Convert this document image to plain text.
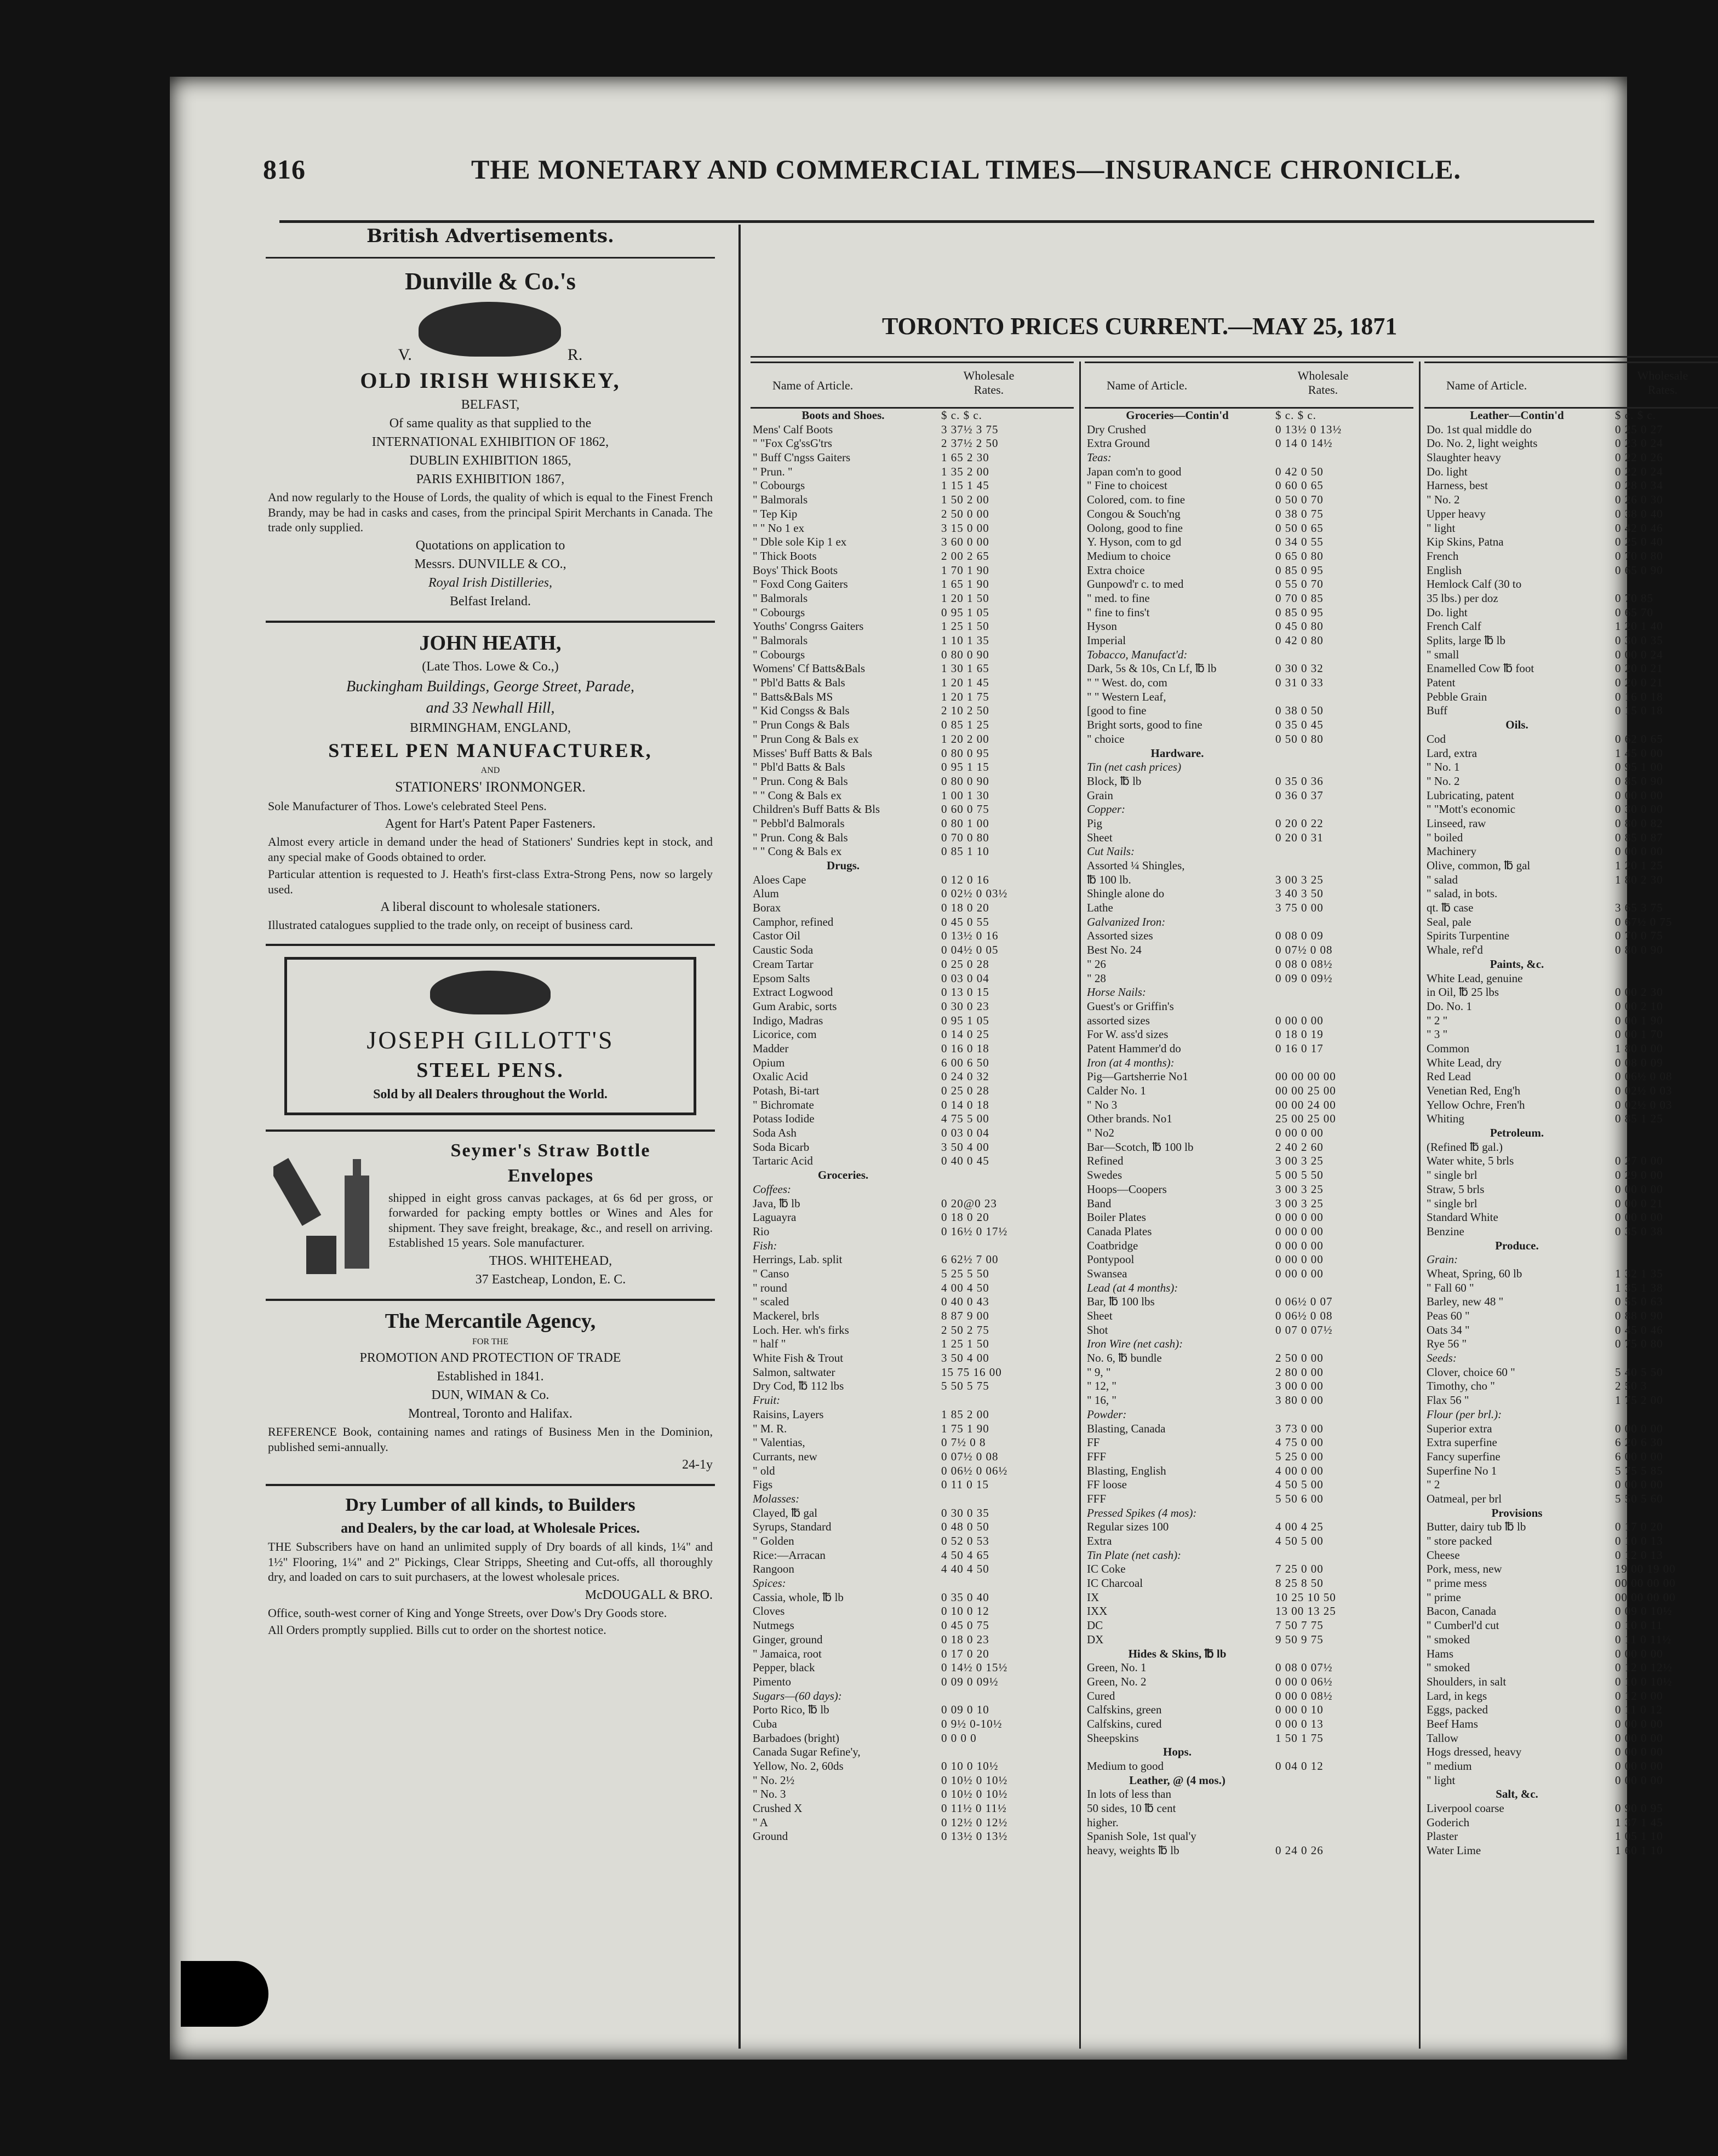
816	THE MONETARY AND COMMERCIAL TIMES—INSURANCE CHRONICLE.
British Advertisements.

Dunville & Co.'s

V.	R.

OLD IRISH WHISKEY,

BELFAST,

Of same quality as that supplied to the

INTERNATIONAL EXHIBITION OF 1862,

DUBLIN EXHIBITION 1865,

PARIS EXHIBITION 1867,

And now regularly to the House of Lords, the quality of which is equal to the Finest French Brandy, may be had in casks and cases, from the principal Spirit Merchants in Canada. The trade only supplied.

Quotations on application to

Messrs. DUNVILLE & CO.,

Royal Irish Distilleries,

Belfast Ireland.

JOHN HEATH,

(Late Thos. Lowe & Co.,)

Buckingham Buildings, George Street, Parade,

and 33 Newhall Hill,

BIRMINGHAM, ENGLAND,

STEEL PEN MANUFACTURER,

AND

STATIONERS' IRONMONGER.

Sole Manufacturer of Thos. Lowe's celebrated Steel Pens.

Agent for Hart's Patent Paper Fasteners.

Almost every article in demand under the head of Stationers' Sundries kept in stock, and any special make of Goods obtained to order.

Particular attention is requested to J. Heath's first-class Extra-Strong Pens, now so largely used.

A liberal discount to wholesale stationers.

Illustrated catalogues supplied to the trade only, on receipt of business card.

JOSEPH GILLOTT'S

STEEL PENS.

Sold by all Dealers throughout the World.

Seymer's Straw Bottle

Envelopes

shipped in eight gross canvas packages, at 6s 6d per gross, or forwarded for packing empty bottles or Wines and Ales for shipment. They save freight, breakage, &c., and resell on arriving. Established 15 years. Sole manufacturer.

THOS. WHITEHEAD,

37 Eastcheap, London, E. C.

The Mercantile Agency,

FOR THE

PROMOTION AND PROTECTION OF TRADE

Established in 1841.

DUN, WIMAN & Co.

Montreal, Toronto and Halifax.

REFERENCE Book, containing names and ratings of Business Men in the Dominion, published semi-annually.

24-1y

Dry Lumber of all kinds, to Builders

and Dealers, by the car load, at Wholesale Prices.

THE Subscribers have on hand an unlimited supply of Dry boards of all kinds, 1¼" and 1½" Flooring, 1¼" and 2" Pickings, Clear Stripps, Sheeting and Cut-offs, all thoroughly dry, and loaded on cars to suit purchasers, at the lowest wholesale prices.

McDOUGALL & BRO.

Office, south-west corner of King and Yonge Streets, over Dow's Dry Goods store.

All Orders promptly supplied. Bills cut to order on the shortest notice.

TORONTO PRICES CURRENT.—MAY 25, 1871
Name of Article.
Wholesale Rates.
Boots and Shoes.	$ c. $ c.
Mens' Calf Boots	3 37½ 3 75
" "Fox Cg'ssG'trs	2 37½ 2 50
" Buff C'ngss Gaiters	1 65 2 30
" Prun. "	1 35 2 00
" Cobourgs	1 15 1 45
" Balmorals	1 50 2 00
" Tep Kip	2 50 0 00
" " No 1 ex	3 15 0 00
" Dble sole Kip 1 ex	3 60 0 00
" Thick Boots	2 00 2 65
Boys' Thick Boots	1 70 1 90
" Foxd Cong Gaiters	1 65 1 90
" Balmorals	1 20 1 50
" Cobourgs	0 95 1 05
Youths' Congrss Gaiters	1 25 1 50
" Balmorals	1 10 1 35
" Cobourgs	0 80 0 90
Womens' Cf Batts&Bals	1 30 1 65
" Pbl'd Batts & Bals	1 20 1 45
" Batts&Bals MS	1 20 1 75
" Kid Congss & Bals	2 10 2 50
" Prun Congs & Bals	0 85 1 25
" Prun Cong & Bals ex	1 20 2 00
Misses' Buff Batts & Bals	0 80 0 95
" Pbl'd Batts & Bals	0 95 1 15
" Prun. Cong & Bals	0 80 0 90
" " Cong & Bals ex	1 00 1 30
Children's Buff Batts & Bls	0 60 0 75
" Pebbl'd Balmorals	0 80 1 00
" Prun. Cong & Bals	0 70 0 80
" " Cong & Bals ex	0 85 1 10
Drugs.
Aloes Cape	0 12 0 16
Alum	0 02½ 0 03½
Borax	0 18 0 20
Camphor, refined	0 45 0 55
Castor Oil	0 13½ 0 16
Caustic Soda	0 04½ 0 05
Cream Tartar	0 25 0 28
Epsom Salts	0 03 0 04
Extract Logwood	0 13 0 15
Gum Arabic, sorts	0 30 0 23
Indigo, Madras	0 95 1 05
Licorice, com	0 14 0 25
Madder	0 16 0 18
Opium	6 00 6 50
Oxalic Acid	0 24 0 32
Potash, Bi-tart	0 25 0 28
" Bichromate	0 14 0 18
Potass Iodide	4 75 5 00
Soda Ash	0 03 0 04
Soda Bicarb	3 50 4 00
Tartaric Acid	0 40 0 45
Groceries.
Coffees:
Java, ℔ lb	0 20@0 23
Laguayra	0 18 0 20
Rio	0 16½ 0 17½
Fish:
Herrings, Lab. split	6 62½ 7 00
" Canso	5 25 5 50
" round	4 00 4 50
" scaled	0 40 0 43
Mackerel, brls	8 87 9 00
Loch. Her. wh's firks	2 50 2 75
" half "	1 25 1 50
White Fish & Trout	3 50 4 00
Salmon, saltwater	15 75 16 00
Dry Cod, ℔ 112 lbs	5 50 5 75
Fruit:
Raisins, Layers	1 85 2 00
" M. R.	1 75 1 90
" Valentias,	0 7½ 0 8
Currants, new	0 07½ 0 08
" old	0 06½ 0 06½
Figs	0 11 0 15
Molasses:
Clayed, ℔ gal	0 30 0 35
Syrups, Standard	0 48 0 50
" Golden	0 52 0 53
Rice:—Arracan	4 50 4 65
Rangoon	4 40 4 50
Spices:
Cassia, whole, ℔ lb	0 35 0 40
Cloves	0 10 0 12
Nutmegs	0 45 0 75
Ginger, ground	0 18 0 23
" Jamaica, root	0 17 0 20
Pepper, black	0 14½ 0 15½
Pimento	0 09 0 09½
Sugars—(60 days):
Porto Rico, ℔ lb	0 09 0 10
Cuba	0 9½ 0-10½
Barbadoes (bright)	0 0 0 0
Canada Sugar Refine'y,
Yellow, No. 2, 60ds	0 10 0 10½
" No. 2½	0 10½ 0 10½
" No. 3	0 10½ 0 10½
Crushed X	0 11½ 0 11½
" A	0 12½ 0 12½
Ground	0 13½ 0 13½
Name of Article.
Wholesale Rates.
Groceries—Contin'd	$ c. $ c.
Dry Crushed	0 13½ 0 13½
Extra Ground	0 14 0 14½
Teas:
Japan com'n to good	0 42 0 50
" Fine to choicest	0 60 0 65
Colored, com. to fine	0 50 0 70
Congou & Souch'ng	0 38 0 75
Oolong, good to fine	0 50 0 65
Y. Hyson, com to gd	0 34 0 55
Medium to choice	0 65 0 80
Extra choice	0 85 0 95
Gunpowd'r c. to med	0 55 0 70
" med. to fine	0 70 0 85
" fine to fins't	0 85 0 95
Hyson	0 45 0 80
Imperial	0 42 0 80
Tobacco, Manufact'd:
Dark, 5s & 10s, Cn Lf, ℔ lb	0 30 0 32
" " West. do, com	0 31 0 33
" " Western Leaf,
[good to fine	0 38 0 50
Bright sorts, good to fine	0 35 0 45
" choice	0 50 0 80
Hardware.
Tin (net cash prices)
Block, ℔ lb	0 35 0 36
Grain	0 36 0 37
Copper:
Pig	0 20 0 22
Sheet	0 20 0 31
Cut Nails:
Assorted ¼ Shingles,
℔ 100 lb.	3 00 3 25
Shingle alone do	3 40 3 50
Lathe	3 75 0 00
Galvanized Iron:
Assorted sizes	0 08 0 09
Best No. 24	0 07½ 0 08
" 26	0 08 0 08½
" 28	0 09 0 09½
Horse Nails:
Guest's or Griffin's
assorted sizes	0 00 0 00
For W. ass'd sizes	0 18 0 19
Patent Hammer'd do	0 16 0 17
Iron (at 4 months):
Pig—Gartsherrie No1	00 00 00 00
Calder No. 1	00 00 25 00
" No 3	00 00 24 00
Other brands. No1	25 00 25 00
" No2	0 00 0 00
Bar—Scotch, ℔ 100 lb	2 40 2 60
Refined	3 00 3 25
Swedes	5 00 5 50
Hoops—Coopers	3 00 3 25
Band	3 00 3 25
Boiler Plates	0 00 0 00
Canada Plates	0 00 0 00
Coatbridge	0 00 0 00
Pontypool	0 00 0 00
Swansea	0 00 0 00
Lead (at 4 months):
Bar, ℔ 100 lbs	0 06½ 0 07
Sheet	0 06½ 0 08
Shot	0 07 0 07½
Iron Wire (net cash):
No. 6, ℔ bundle	2 50 0 00
" 9, "	2 80 0 00
" 12, "	3 00 0 00
" 16, "	3 80 0 00
Powder:
Blasting, Canada	3 73 0 00
FF	4 75 0 00
FFF	5 25 0 00
Blasting, English	4 00 0 00
FF loose	4 50 5 00
FFF	5 50 6 00
Pressed Spikes (4 mos):
Regular sizes 100	4 00 4 25
Extra	4 50 5 00
Tin Plate (net cash):
IC Coke	7 25 0 00
IC Charcoal	8 25 8 50
IX	10 25 10 50
IXX	13 00 13 25
DC	7 50 7 75
DX	9 50 9 75
Hides & Skins, ℔ lb
Green, No. 1	0 08 0 07½
Green, No. 2	0 00 0 06½
Cured	0 00 0 08½
Calfskins, green	0 00 0 10
Calfskins, cured	0 00 0 13
Sheepskins	1 50 1 75
Hops.
Medium to good	0 04 0 12
Leather, @ (4 mos.)
In lots of less than
50 sides, 10 ℔ cent
higher.
Spanish Sole, 1st qual'y
heavy, weights ℔ lb	0 24 0 26
Name of Article.
Wholesale Rates.
Leather—Contin'd	$ c. $ c.
Do. 1st qual middle do	0 25 0 27
Do. No. 2, light weights	0 23 0 24
Slaughter heavy	0 22 0 26
Do. light	0 22 0 24
Harness, best	0 28 0 34
" No. 2	0 26 0 30
Upper heavy	0 38 0 40
" light	0 42 0 46
Kip Skins, Patna	0 25 0 40
French	0 70 0 80
English	0 65 0 90
Hemlock Calf (30 to
35 lbs.) per doz	0 70 85
Do. light	0 65 70
French Calf	1 20 1 40
Splits, large ℔ lb	0 30 0 35
" small	0 00 0 24
Enamelled Cow ℔ foot	0 20 0 21
Patent	0 20 0 21
Pebble Grain	0 16 0 18
Buff	0 15 0 18
Oils.
Cod	0 62 0 65
Lard, extra	1 45 0 00
" No. 1	0 95 1 00
" No. 2	0 85 0 90
Lubricating, patent	0 00 0 00
" "Mott's economic	0 30 0 00
Linseed, raw	0 80 0 82
" boiled	0 85 0 87
Machinery	0 00 0 00
Olive, common, ℔ gal	1 20 1 25
" salad	1 80 2 30
" salad, in bots.
qt. ℔ case	3 65 3 75
Seal, pale	0 67½ 0 75
Spirits Turpentine	0 70 0 75
Whale, ref'd	0 80 0 90
Paints, &c.
White Lead, genuine
in Oil, ℔ 25 lbs	0 00 2 30
Do. No. 1	0 00 2 10
" 2 "	0 00 1 90
" 3 "	0 00 1 70
Common	1 80 0 00
White Lead, dry	0 08 0 09
Red Lead	0 06½ 0 08
Venetian Red, Eng'h	0 02½ 0 03
Yellow Ochre, Fren'h	0 02½ 0 03
Whiting	0 85 1 25
Petroleum.
(Refined ℔ gal.)
Water white, 5 brls	0 27 0 00
" single brl	0 29 0 00
Straw, 5 brls	0 00 0 00
" single brl	0 00 0 21
Standard White	0 00 0 00
Benzine	0 35 0 38
Produce.
Grain:
Wheat, Spring, 60 lb	1 32 1 35
" Fall 60 "	1 35 1 38
Barley, new 48 "	0 55 0 63
Peas 60 "	0 88 0 90
Oats 34 "	0 45 0 46
Rye 56 "	0 75 0 80
Seeds:
Clover, choice 60 "	5 40 5 50
Timothy, cho "	2 50 3
Flax 56 "	1 75 2 00
Flour (per brl.):
Superior extra	0 00 0 00
Extra superfine	6 20 6 30
Fancy superfine	6 00 0 00
Superfine No 1	5 75 5 85
" 2	0 00 0 00
Oatmeal, per brl	5 50 5 60
Provisions
Butter, dairy tub ℔ lb	0 17 0 20
" store packed	0 10 0 13
Cheese	0 12 0 13
Pork, mess, new	19 00 19 00
" prime mess	00 00 00 00
" prime	00 00 00 00
Bacon, Canada	0 09 0 10½
" Cumberl'd cut	0 10 0 11
" smoked	0 11 0 11½
Hams	0 00 0 00
" smoked	0 12 0 12½
Shoulders, in salt	0 10 0 10½
Lard, in kegs	0 12 0 00
Eggs, packed	0 11 0 12
Beef Hams	0 00 0 00
Tallow	0 00 0 00
Hogs dressed, heavy	0 00 0 00
" medium	0 00 0 00
" light	0 00 0 00
Salt, &c.
Liverpool coarse	0 90 0 95
Goderich	1 37 1 45
Plaster	1 05 1 10
Water Lime	1 60 1 10
